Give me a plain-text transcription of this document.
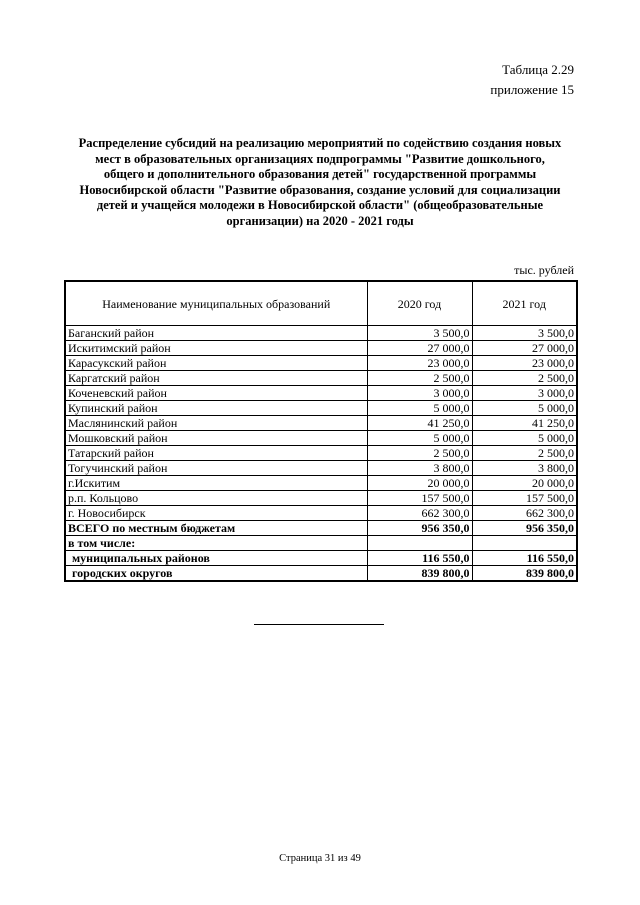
Таблица 2.29
приложение 15
Распределение субсидий на реализацию мероприятий по содействию создания новых
мест в образовательных организациях подпрограммы "Развитие дошкольного,
общего и дополнительного образования детей" государственной программы
Новосибирской области "Развитие образования, создание условий для социализации
детей и учащейся молодежи в Новосибирской области" (общеобразовательные
организации) на 2020 - 2021 годы
тыс. рублей
Наименование муниципальных образований	2020 год	2021 год
Баганский район	3 500,0	3 500,0
Искитимский район	27 000,0	27 000,0
Карасукский район	23 000,0	23 000,0
Каргатский район	2 500,0	2 500,0
Коченевский район	3 000,0	3 000,0
Купинский район	5 000,0	5 000,0
Маслянинский район	41 250,0	41 250,0
Мошковский район	5 000,0	5 000,0
Татарский район	2 500,0	2 500,0
Тогучинский район	3 800,0	3 800,0
г.Искитим	20 000,0	20 000,0
р.п. Кольцово	157 500,0	157 500,0
г. Новосибирск	662 300,0	662 300,0
ВСЕГО по местным бюджетам	956 350,0	956 350,0
в том числе:		
муниципальных районов	116 550,0	116 550,0
городских округов	839 800,0	839 800,0
Страница 31 из 49
